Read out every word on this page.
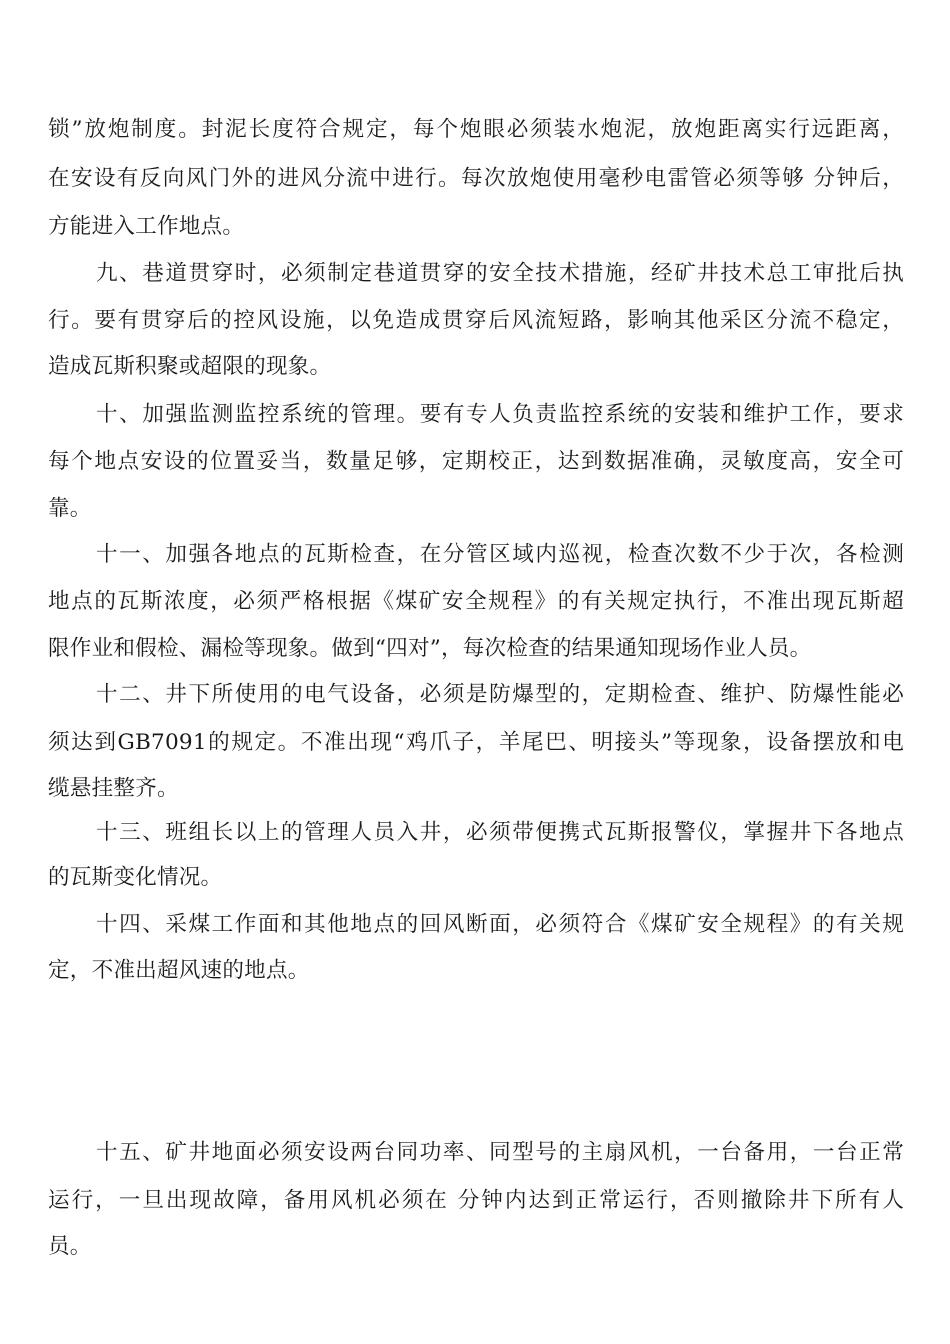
锁”放炮制度。封泥长度符合规定，每个炮眼必须装水炮泥，放炮距离实行远距离，
在安设有反向风门外的进风分流中进行。每次放炮使用毫秒电雷管必须等够 分钟后，
方能进入工作地点。
九、巷道贯穿时，必须制定巷道贯穿的安全技术措施，经矿井技术总工审批后执
行。要有贯穿后的控风设施，以免造成贯穿后风流短路，影响其他采区分流不稳定，
造成瓦斯积聚或超限的现象。
十、加强监测监控系统的管理。要有专人负责监控系统的安装和维护工作，要求
每个地点安设的位置妥当，数量足够，定期校正，达到数据准确，灵敏度高，安全可
靠。
十一、加强各地点的瓦斯检查，在分管区域内巡视，检查次数不少于次，各检测
地点的瓦斯浓度，必须严格根据《煤矿安全规程》的有关规定执行，不准出现瓦斯超
限作业和假检、漏检等现象。做到“四对”，每次检查的结果通知现场作业人员。
十二、井下所使用的电气设备，必须是防爆型的，定期检查、维护、防爆性能必
须达到GB7091的规定。不准出现“鸡爪子，羊尾巴、明接头”等现象，设备摆放和电
缆悬挂整齐。
十三、班组长以上的管理人员入井，必须带便携式瓦斯报警仪，掌握井下各地点
的瓦斯变化情况。
十四、采煤工作面和其他地点的回风断面，必须符合《煤矿安全规程》的有关规
定，不准出超风速的地点。
十五、矿井地面必须安设两台同功率、同型号的主扇风机，一台备用，一台正常
运行，一旦出现故障，备用风机必须在 分钟内达到正常运行，否则撤除井下所有人
员。
